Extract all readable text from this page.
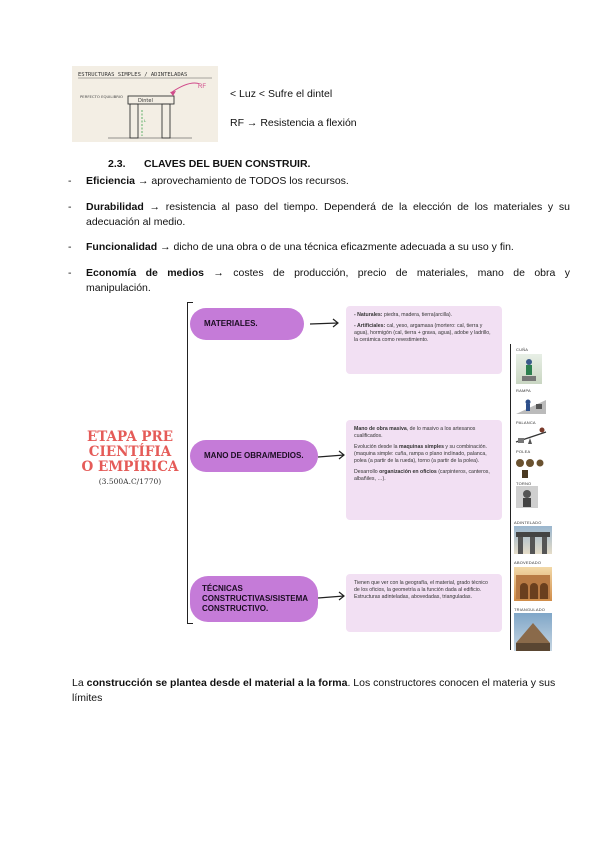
ESTRUCTURAS SIMPLES / ADINTELADAS
PERFECTO EQUILIBRIO
Dintel
L
RF
< Luz < Sufre el dintel
RF → Resistencia a flexión
2.3. CLAVES DEL BUEN CONSTRUIR.
- Eficiencia → aprovechamiento de TODOS los recursos.
- Durabilidad → resistencia al paso del tiempo. Dependerá de la elección de los materiales y su adecuación al medio.
- Funcionalidad → dicho de una obra o de una técnica eficazmente adecuada a su uso y fin.
- Economía de medios → costes de producción, precio de materiales, mano de obra y manipulación.
ETAPA PRE
CIENTÍFIA
O EMPÍRICA
(3.500A.C/1770)
MATERIALES.
MANO DE OBRA/MEDIOS.
TÉCNICAS CONSTRUCTIVAS/SISTEMA CONSTRUCTIVO.

- Naturales: piedra, madera, tierra(arcilla).

- Artificiales: cal, yeso, argamasa (mortero: cal, tierra y agua), hormigón (cal, tierra + grava, agua), adobe y ladrillo, la cerámica como revestimiento.

Mano de obra masiva, de lo masivo a los artesanos cualificados.

Evolución desde la maquinas simples y su combinación. (maquina simple: cuña, rampa o plano inclinado, palanca, polea (a partir de la rueda), torno (a partir de la polea).

Desarrollo organización en oficios (carpinteros, canteros, albañiles, …).

Tienen que ver con la geografía, el material, grado técnico de los oficios, la geometría a la función dada al edificio. Estructuras adinteladas, abovedadas, trianguladas.

CUÑA
RAMPA
PALANCA
POLEA
TORNO
ADINTELADO
ABOVEDADO
TRIANGULADO
La construcción se plantea desde el material a la forma. Los constructores conocen el materia y sus límites
